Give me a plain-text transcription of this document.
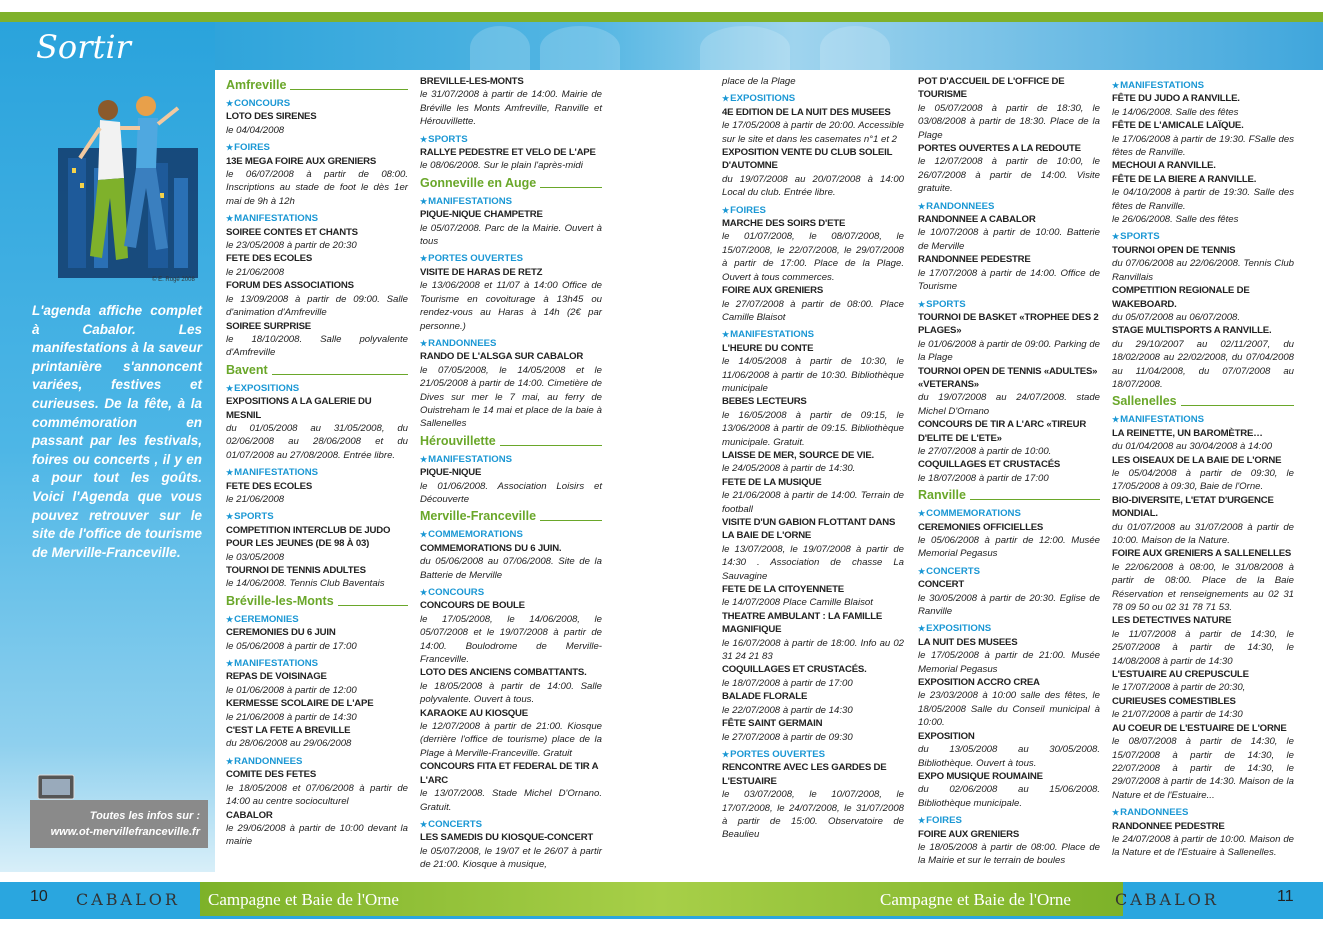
Sortir
© E. Rogé 2008
L'agenda affiche complet à Cabalor. Les manifestations à la saveur printanière s'annoncent variées, festives et curieuses. De la fête, à la commémoration en passant par les festivals, foires ou concerts , il y en a pour tout les goûts. Voici l'Agenda que vous pouvez retrouver sur le site de l'office de tourisme de Merville-Franceville.
Toutes les infos sur :
www.ot-mervillefranceville.fr
Amfreville
★CONCOURS
LOTO DES SIRENES
le 04/04/2008
★FOIRES
13E MEGA FOIRE AUX GRENIERS
le 06/07/2008 à partir de 08:00. Inscriptions au stade de foot le dès 1er mai de 9h à 12h
★MANIFESTATIONS
SOIREE CONTES ET CHANTS
le 23/05/2008 à partir de 20:30
FETE DES ECOLES
le 21/06/2008
FORUM DES ASSOCIATIONS
le 13/09/2008 à partir de 09:00. Salle d'animation d'Amfreville
SOIREE SURPRISE
le 18/10/2008. Salle polyvalente d'Amfreville
Bavent
★EXPOSITIONS
EXPOSITIONS A LA GALERIE DU MESNIL
du 01/05/2008 au 31/05/2008, du 02/06/2008 au 28/06/2008 et du 01/07/2008 au 27/08/2008. Entrée libre.
★MANIFESTATIONS
FETE DES ECOLES
le 21/06/2008
★SPORTS
COMPETITION INTERCLUB DE JUDO POUR LES JEUNES (DE 98 À 03)
le 03/05/2008
TOURNOI DE TENNIS ADULTES
le 14/06/2008. Tennis Club Baventais
Bréville-les-Monts
★CEREMONIES
CEREMONIES DU 6 JUIN
le 05/06/2008 à partir de 17:00
★MANIFESTATIONS
REPAS DE VOISINAGE
le 01/06/2008 à partir de 12:00
KERMESSE SCOLAIRE DE L'APE
le 21/06/2008 à partir de 14:30
C'EST LA FETE A BREVILLE
du 28/06/2008 au 29/06/2008
★RANDONNEES
COMITE DES FETES
le 18/05/2008 et 07/06/2008 à partir de 14:00 au centre socioculturel
CABALOR
le 29/06/2008 à partir de 10:00 devant la mairie
BREVILLE-LES-MONTS
le 31/07/2008 à partir de 14:00. Mairie de Bréville les Monts Amfreville, Ranville et Hérouvillette.
★SPORTS
RALLYE PEDESTRE ET VELO DE L'APE
le 08/06/2008. Sur le plain l'après-midi
Gonneville en Auge
★MANIFESTATIONS
PIQUE-NIQUE CHAMPETRE
le 05/07/2008. Parc de la Mairie. Ouvert à tous
★PORTES OUVERTES
VISITE DE HARAS DE RETZ
le 13/06/2008 et 11/07 à 14:00 Office de Tourisme en covoiturage à 13h45 ou rendez-vous au Haras à 14h (2€ par personne.)
★RANDONNEES
RANDO DE L'ALSGA SUR CABALOR
le 07/05/2008, le 14/05/2008 et le 21/05/2008 à partir de 14:00. Cimetière de Dives sur mer le 7 mai, au ferry de Ouistreham le 14 mai et place de la baie à Sallenelles
Hérouvillette
★MANIFESTATIONS
PIQUE-NIQUE
le 01/06/2008. Association Loisirs et Découverte
Merville-Franceville
★COMMEMORATIONS
COMMEMORATIONS DU 6 JUIN.
du 05/06/2008 au 07/06/2008. Site de la Batterie de Merville
★CONCOURS
CONCOURS DE BOULE
le 17/05/2008, le 14/06/2008, le 05/07/2008 et le 19/07/2008 à partir de 14:00. Boulodrome de Merville-Franceville.
LOTO DES ANCIENS COMBATTANTS.
le 18/05/2008 à partir de 14:00. Salle polyvalente. Ouvert à tous.
KARAOKE AU KIOSQUE
le 12/07/2008 à partir de 21:00. Kiosque (derrière l'office de tourisme) place de la Plage à Merville-Franceville. Gratuit
CONCOURS FITA ET FEDERAL DE TIR A L'ARC
le 13/07/2008. Stade Michel D'Ornano. Gratuit.
★CONCERTS
LES SAMEDIS DU KIOSQUE-CONCERT
le 05/07/2008, le 19/07 et le 26/07 à partir de 21:00. Kiosque à musique,
place de la Plage
★EXPOSITIONS
4E EDITION DE LA NUIT DES MUSEES
le 17/05/2008 à partir de 20:00. Accessible sur le site et dans les casemates n°1 et 2
EXPOSITION VENTE DU CLUB SOLEIL D'AUTOMNE
du 19/07/2008 au 20/07/2008 à 14:00 Local du club. Entrée libre.
★FOIRES
MARCHE DES SOIRS D'ETE
le 01/07/2008, le 08/07/2008, le 15/07/2008, le 22/07/2008, le 29/07/2008 à partir de 17:00. Place de la Plage. Ouvert à tous commerces.
FOIRE AUX GRENIERS
le 27/07/2008 à partir de 08:00. Place Camille Blaisot
★MANIFESTATIONS
L'HEURE DU CONTE
le 14/05/2008 à partir de 10:30, le 11/06/2008 à partir de 10:30. Bibliothèque municipale
BEBES LECTEURS
le 16/05/2008 à partir de 09:15, le 13/06/2008 à partir de 09:15. Bibliothèque municipale. Gratuit.
LAISSE DE MER, SOURCE DE VIE.
le 24/05/2008 à partir de 14:30.
FETE DE LA MUSIQUE
le 21/06/2008 à partir de 14:00. Terrain de football
VISITE D'UN GABION FLOTTANT DANS LA BAIE DE L'ORNE
le 13/07/2008, le 19/07/2008 à partir de 14:30 . Association de chasse La Sauvagine
FETE DE LA CITOYENNETE
le 14/07/2008 Place Camille Blaisot
THEATRE AMBULANT : LA FAMILLE MAGNIFIQUE
le 16/07/2008 à partir de 18:00. Info au 02 31 24 21 83
COQUILLAGES ET CRUSTACÉS.
le 18/07/2008 à partir de 17:00
BALADE FLORALE
le 22/07/2008 à partir de 14:30
FÊTE SAINT GERMAIN
le 27/07/2008 à partir de 09:30
★PORTES OUVERTES
RENCONTRE AVEC LES GARDES DE L'ESTUAIRE
le 03/07/2008, le 10/07/2008, le 17/07/2008, le 24/07/2008, le 31/07/2008 à partir de 15:00. Observatoire de Beaulieu
POT D'ACCUEIL DE L'OFFICE DE TOURISME
le 05/07/2008 à partir de 18:30, le 03/08/2008 à partir de 18:30. Place de la Plage
PORTES OUVERTES A LA REDOUTE
le 12/07/2008 à partir de 10:00, le 26/07/2008 à partir de 14:00. Visite gratuite.
★RANDONNEES
RANDONNEE A CABALOR
le 10/07/2008 à partir de 10:00. Batterie de Merville
RANDONNEE PEDESTRE
le 17/07/2008 à partir de 14:00. Office de Tourisme
★SPORTS
TOURNOI DE BASKET «TROPHEE DES 2 PLAGES»
le 01/06/2008 à partir de 09:00. Parking de la Plage
TOURNOI OPEN DE TENNIS «ADULTES» «VETERANS»
du 19/07/2008 au 24/07/2008. stade Michel D'Ornano
CONCOURS DE TIR A L'ARC «TIREUR D'ELITE DE L'ETE»
le 27/07/2008 à partir de 10:00.
COQUILLAGES ET CRUSTACÉS
le 18/07/2008 à partir de 17:00
Ranville
★COMMEMORATIONS
CEREMONIES OFFICIELLES
le 05/06/2008 à partir de 12:00. Musée Memorial Pegasus
★CONCERTS
CONCERT
le 30/05/2008 à partir de 20:30. Eglise de Ranville
★EXPOSITIONS
LA NUIT DES MUSEES
le 17/05/2008 à partir de 21:00. Musée Memorial Pegasus
EXPOSITION ACCRO CREA
le 23/03/2008 à 10:00 salle des fêtes, le 18/05/2008 Salle du Conseil municipal à 10:00.
EXPOSITION
du 13/05/2008 au 30/05/2008. Bibliothèque. Ouvert à tous.
EXPO MUSIQUE ROUMAINE
du 02/06/2008 au 15/06/2008. Bibliothèque municipale.
★FOIRES
FOIRE AUX GRENIERS
le 18/05/2008 à partir de 08:00. Place de la Mairie et sur le terrain de boules
★MANIFESTATIONS
FÊTE DU JUDO A RANVILLE.
le 14/06/2008. Salle des fêtes
FÊTE DE L'AMICALE LAÏQUE.
le 17/06/2008 à partir de 19:30. FSalle des fêtes de Ranville.
MECHOUI A RANVILLE.
FÊTE DE LA BIERE A RANVILLE.
le 04/10/2008 à partir de 19:30. Salle des fêtes de Ranville.
le 26/06/2008. Salle des fêtes
★SPORTS
TOURNOI OPEN DE TENNIS
du 07/06/2008 au 22/06/2008. Tennis Club Ranvillais
COMPETITION REGIONALE DE WAKEBOARD.
du 05/07/2008 au 06/07/2008.
STAGE MULTISPORTS A RANVILLE.
du 29/10/2007 au 02/11/2007, du 18/02/2008 au 22/02/2008, du 07/04/2008 au 11/04/2008, du 07/07/2008 au 18/07/2008.
Sallenelles
★MANIFESTATIONS
LA REINETTE, UN BAROMÈTRE…
du 01/04/2008 au 30/04/2008 à 14:00
LES OISEAUX DE LA BAIE DE L'ORNE
le 05/04/2008 à partir de 09:30, le 17/05/2008 à 09:30, Baie de l'Orne.
BIO-DIVERSITE, L'ETAT D'URGENCE MONDIAL.
du 01/07/2008 au 31/07/2008 à partir de 10:00. Maison de la Nature.
FOIRE AUX GRENIERS A SALLENELLES
le 22/06/2008 à 08:00, le 31/08/2008 à partir de 08:00. Place de la Baie Réservation et renseignements au 02 31 78 09 50 ou 02 31 78 71 53.
LES DETECTIVES NATURE
le 11/07/2008 à partir de 14:30, le 25/07/2008 à partir de 14:30, le 14/08/2008 à partir de 14:30
L'ESTUAIRE AU CREPUSCULE
le 17/07/2008 à partir de 20:30,
CURIEUSES COMESTIBLES
le 21/07/2008 à partir de 14:30
AU COEUR DE L'ESTUAIRE DE L'ORNE
le 08/07/2008 à partir de 14:30, le 15/07/2008 à partir de 14:30, le 22/07/2008 à partir de 14:30, le 29/07/2008 à partir de 14:30. Maison de la Nature et de l'Estuaire...
★RANDONNEES
RANDONNEE PEDESTRE
le 24/07/2008 à partir de 10:00. Maison de la Nature et de l'Estuaire à Sallenelles.
10 CABALOR Campagne et Baie de l'Orne	Campagne et Baie de l'Orne	CABALOR	11
